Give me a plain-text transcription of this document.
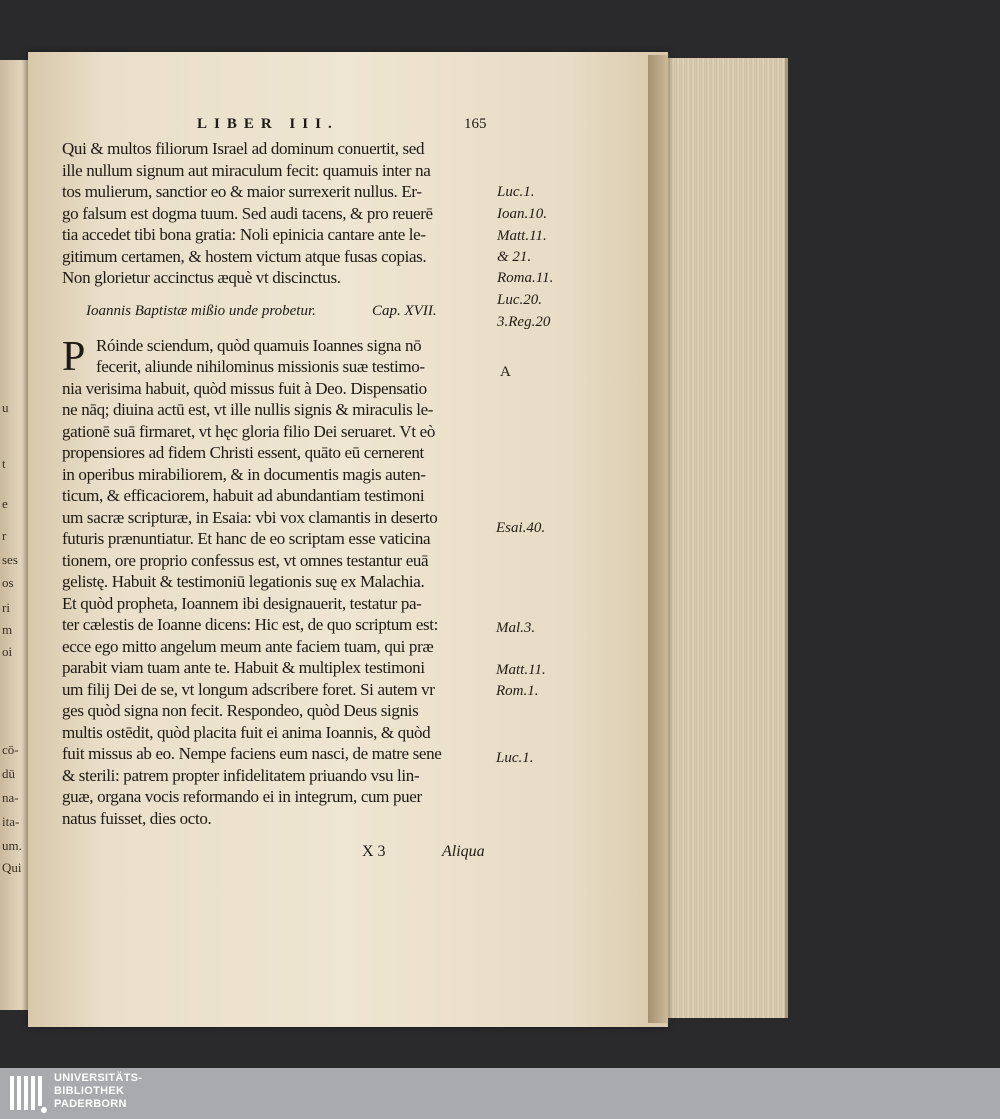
u
t
e
r
ses
os
ri
m
oi
cō-
dū
na-
ita-
um.
Qui
LIBER III.	165
Qui & multos filiorum Israel ad dominum conuertit, sed
ille nullum signum aut miraculum fecit: quamuis inter na
tos mulierum, sanctior eo & maior surrexerit nullus. Er-
go falsum est dogma tuum. Sed audi tacens, & pro reuerē
tia accedet tibi bona gratia: Noli epinicia cantare ante le-
gitimum certamen, & hostem victum atque fusas copias.
Non glorietur accinctus æquè vt discinctus.
Ioannis Baptistæ mißio unde probetur.	Cap. XVII.
P Róinde sciendum, quòd quamuis Ioannes signa nō
fecerit, aliunde nihilominus missionis suæ testimo-
nia verisima habuit, quòd missus fuit à Deo. Dispensatio
ne nāq; diuina actū est, vt ille nullis signis & miraculis le-
gationē suā firmaret, vt hęc gloria filio Dei seruaret. Vt eò
propensiores ad fidem Christi essent, quāto eū cernerent
in operibus mirabiliorem, & in documentis magis auten-
ticum, & efficaciorem, habuit ad abundantiam testimoni
um sacræ scripturæ, in Esaia: vbi vox clamantis in deserto
futuris prænuntiatur. Et hanc de eo scriptam esse vaticina
tionem, ore proprio confessus est, vt omnes testantur euā
gelistę. Habuit & testimoniū legationis suę ex Malachia.
Et quòd propheta, Ioannem ibi designauerit, testatur pa-
ter cælestis de Ioanne dicens: Hic est, de quo scriptum est:
ecce ego mitto angelum meum ante faciem tuam, qui præ
parabit viam tuam ante te. Habuit & multiplex testimoni
um filij Dei de se, vt longum adscribere foret. Si autem vr
ges quòd signa non fecit. Respondeo, quòd Deus signis
multis ostēdit, quòd placita fuit ei anima Ioannis, & quòd
fuit missus ab eo. Nempe faciens eum nasci, de matre sene
& sterili: patrem propter infidelitatem priuando vsu lin-
guæ, organa vocis reformando ei in integrum, cum puer
natus fuisset, dies octo.
X 3	Aliqua
Luc.1.
Ioan.10.
Matt.11.
& 21.
Roma.11.
Luc.20.
3.Reg.20
A
Esai.40.
Mal.3.
Matt.11.
Rom.1.
Luc.1.
UNIVERSITÄTS-
BIBLIOTHEK
PADERBORN
